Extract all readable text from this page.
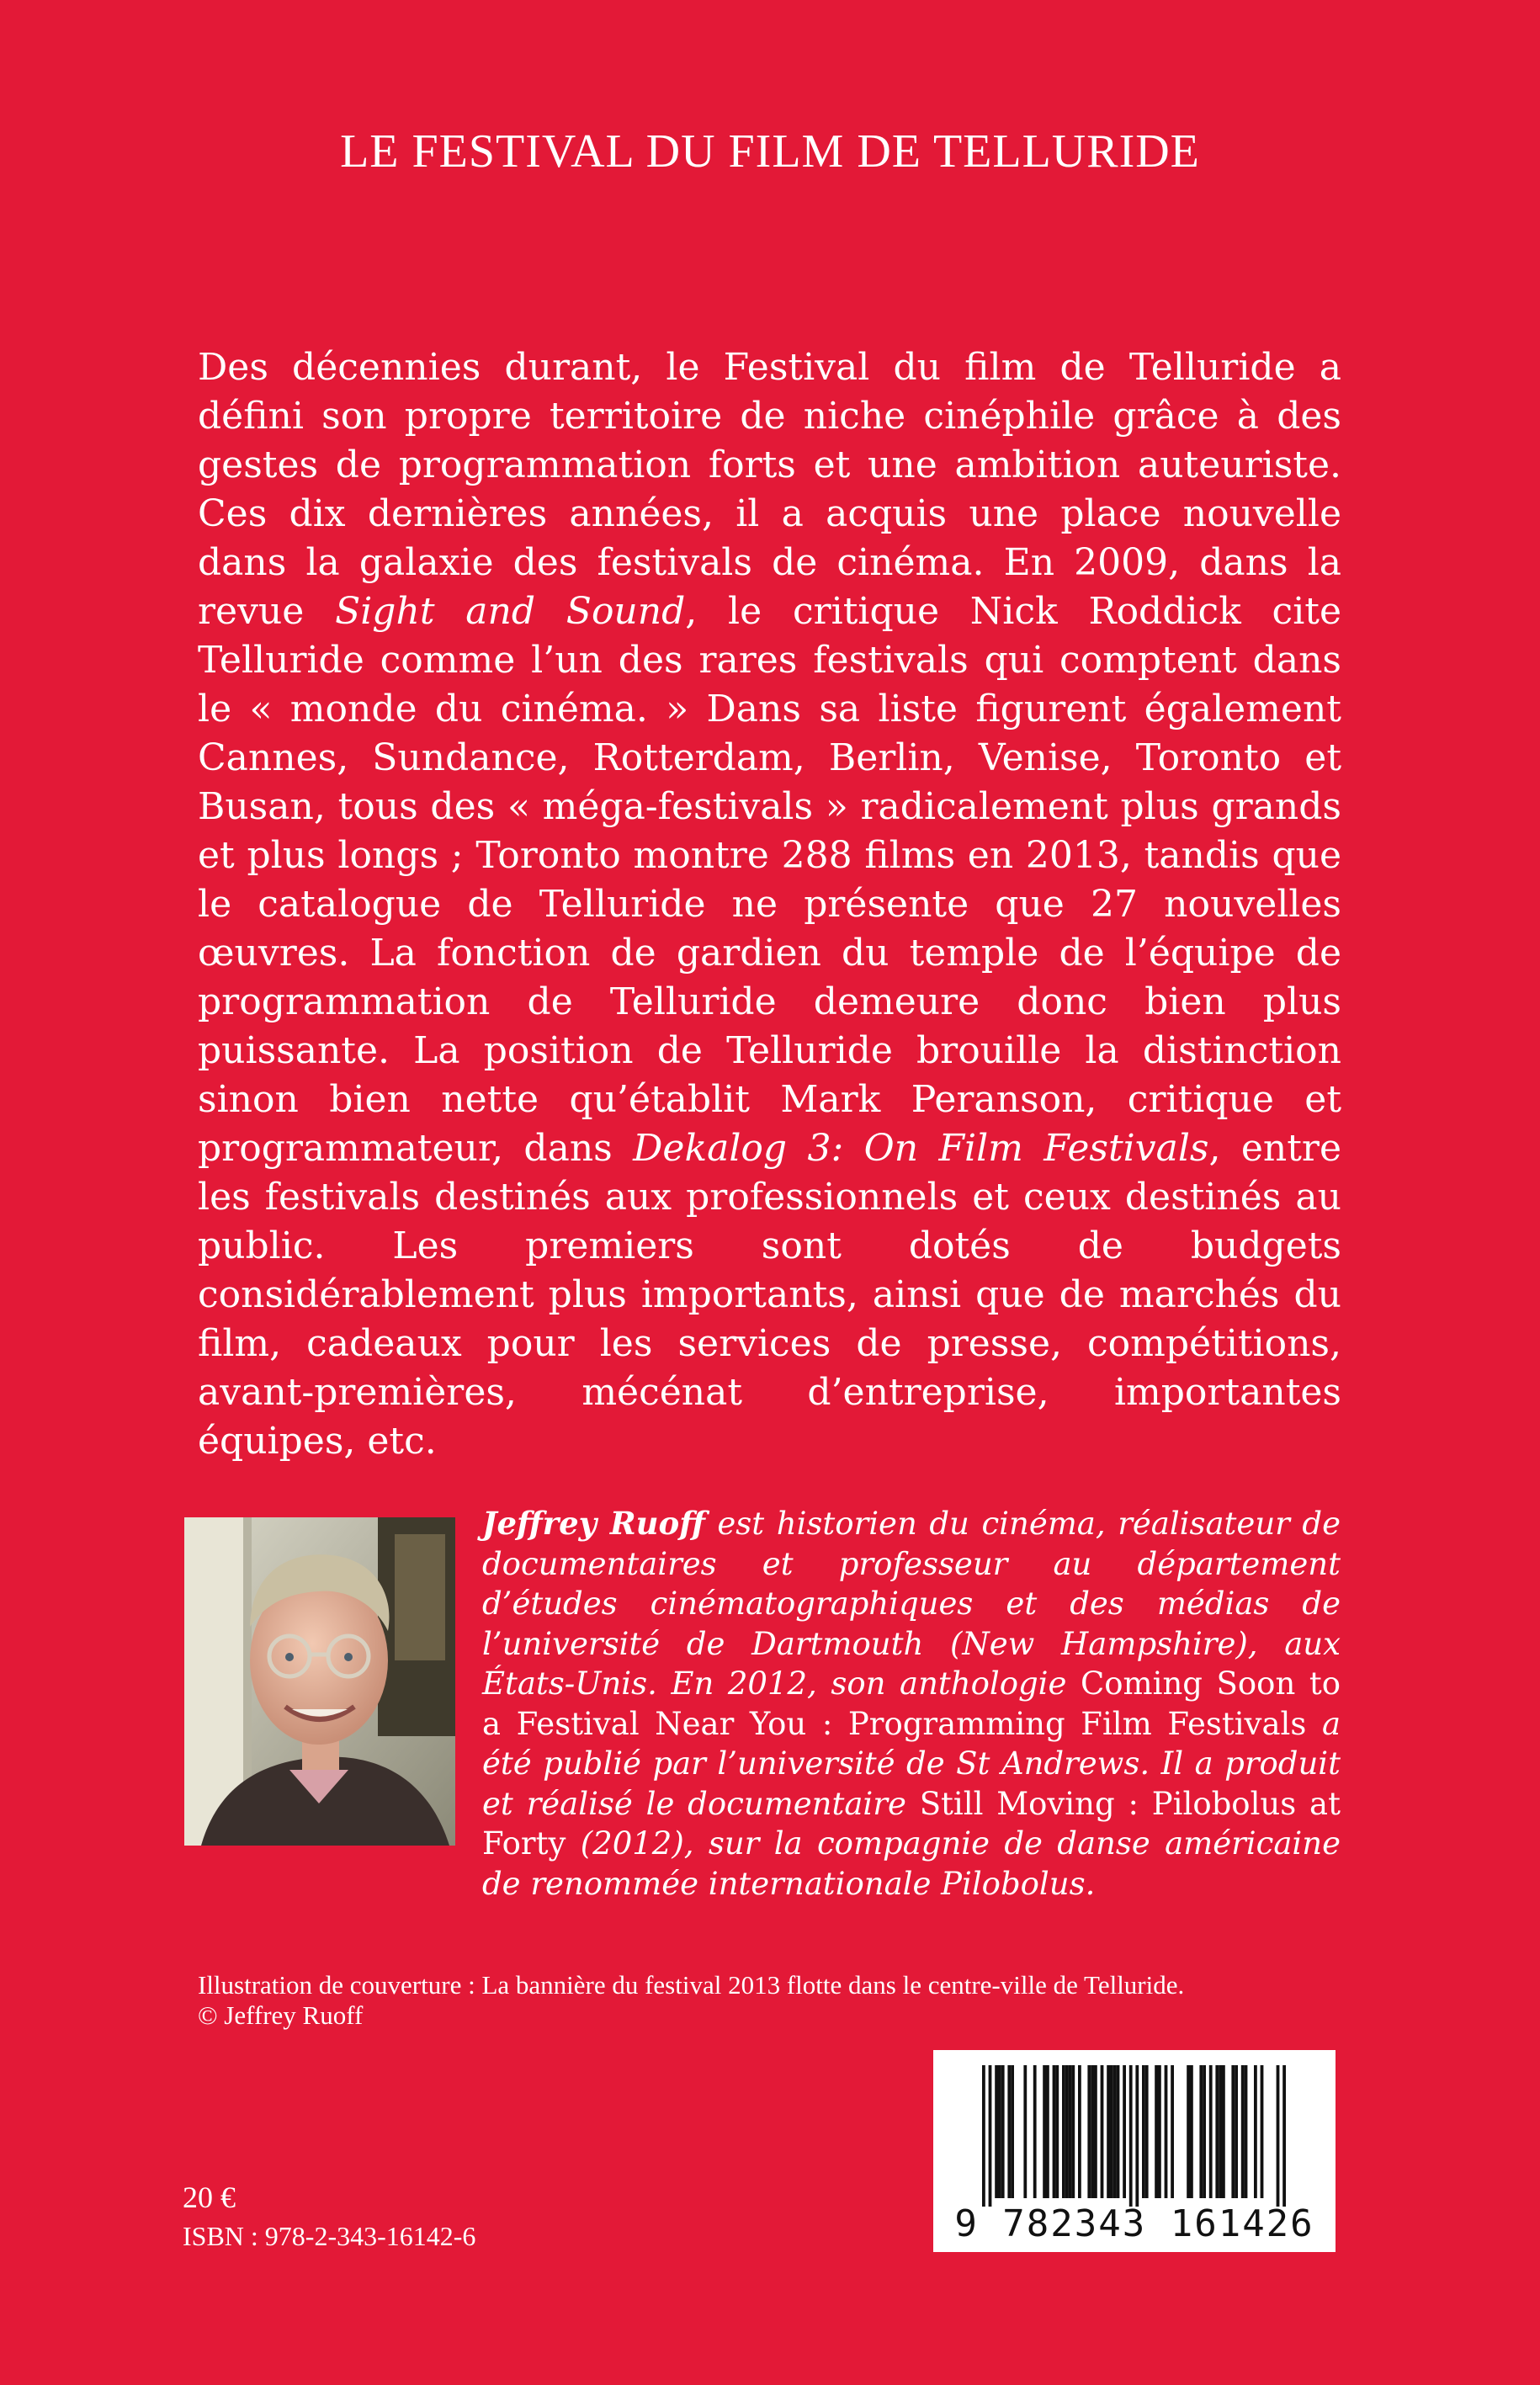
LE FESTIVAL DU FILM DE TELLURIDE

Des décennies durant, le Festival du film de Telluride a défini son propre territoire de niche cinéphile grâce à des gestes de programmation forts et une ambition auteuriste. Ces dix dernières années, il a acquis une place nouvelle dans la galaxie des festivals de cinéma. En 2009, dans la revue Sight and Sound, le critique Nick Roddick cite Telluride comme l’un des rares festivals qui comptent dans le « monde du cinéma. » Dans sa liste figurent également Cannes, Sundance, Rotterdam, Berlin, Venise, Toronto et Busan, tous des « méga-festivals » radicalement plus grands et plus longs ; Toronto montre 288 films en 2013, tandis que le catalogue de Telluride ne présente que 27 nouvelles œuvres. La fonction de gardien du temple de l’équipe de programmation de Telluride demeure donc bien plus puissante. La position de Telluride brouille la distinction sinon bien nette qu’établit Mark Peranson, critique et programmateur, dans Dekalog 3: On Film Festivals, entre les festivals destinés aux professionnels et ceux destinés au public. Les premiers sont dotés de budgets considérablement plus importants, ainsi que de marchés du film, cadeaux pour les services de presse, compétitions, avant-premières, mécénat d’entreprise, importantes équipes, etc.

Jeffrey Ruoff est historien du cinéma, réalisateur de documentaires et professeur au département d’études cinématographiques et des médias de l’université de Dartmouth (New Hampshire), aux États-Unis. En 2012, son anthologie Coming Soon to a Festival Near You : Programming Film Festivals a été publié par l’université de St Andrews. Il a produit et réalisé le documentaire Still Moving : Pilobolus at Forty (2012), sur la compagnie de danse américaine de renommée internationale Pilobolus.

Illustration de couverture : La bannière du festival 2013 flotte dans le centre-ville de Telluride.
© Jeffrey Ruoff
20 €
ISBN : 978-2-343-16142-6	9 782343 161426
